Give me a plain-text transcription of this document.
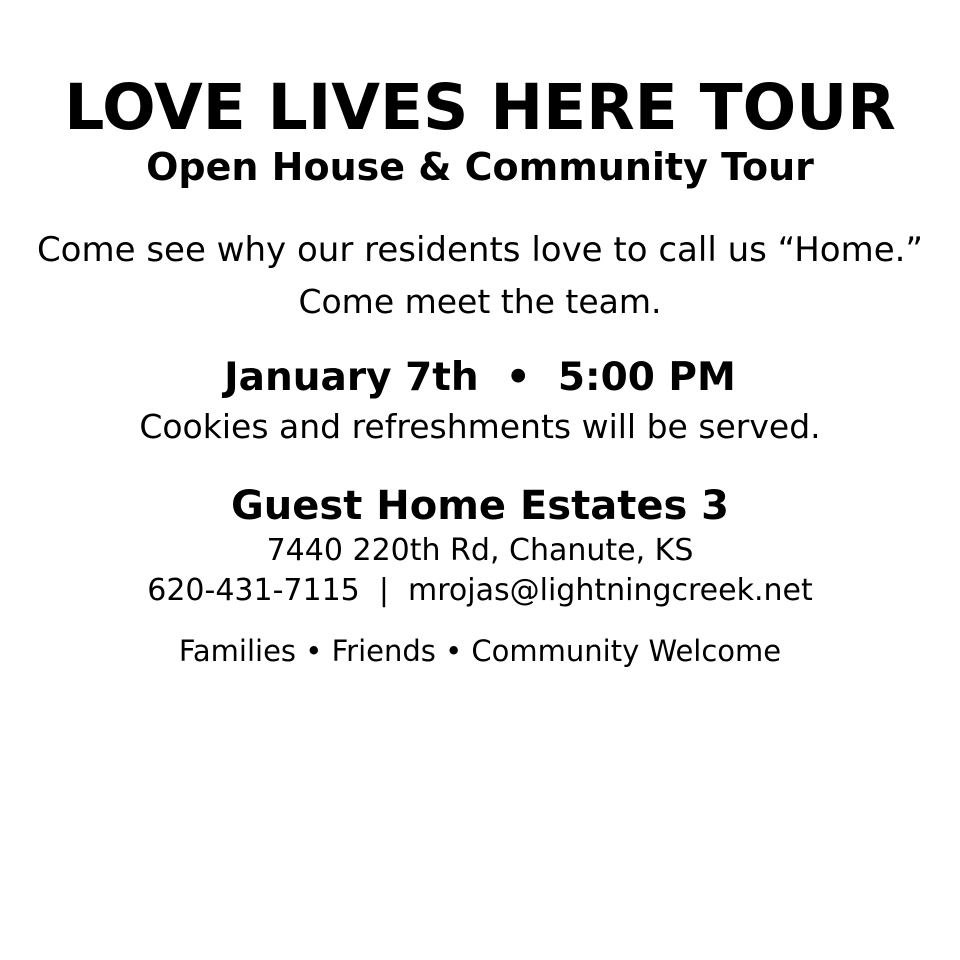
LOVE LIVES HERE TOUR
Open House & Community Tour
Come see why our residents love to call us “Home.”
Come meet the team.
January 7th  •  5:00 PM
Cookies and refreshments will be served.
Guest Home Estates 3
7440 220th Rd, Chanute, KS
620-431-7115  |  mrojas@lightningcreek.net
Families • Friends • Community Welcome
